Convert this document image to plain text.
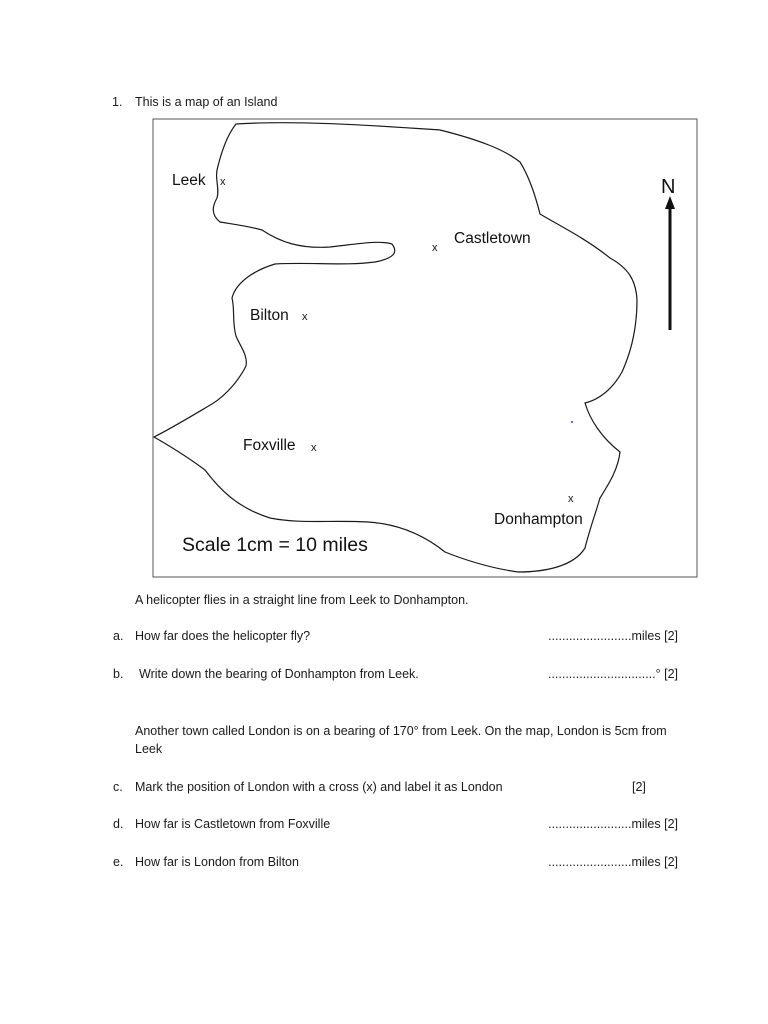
1. This is a map of an Island
N
Leek x
x
Castletown
Bilton x
Foxville x
x
Donhampton
Scale 1cm = 10 miles
A helicopter flies in a straight line from Leek to Donhampton.
a. How far does the helicopter fly?	........................miles [2]
b. Write down the bearing of Donhampton from Leek.	...............................° [2]
Another town called London is on a bearing of 170° from Leek. On the map, London is 5cm from Leek
c. Mark the position of London with a cross (x) and label it as London	[2]
d. How far is Castletown from Foxville	........................miles [2]
e. How far is London from Bilton	........................miles [2]
